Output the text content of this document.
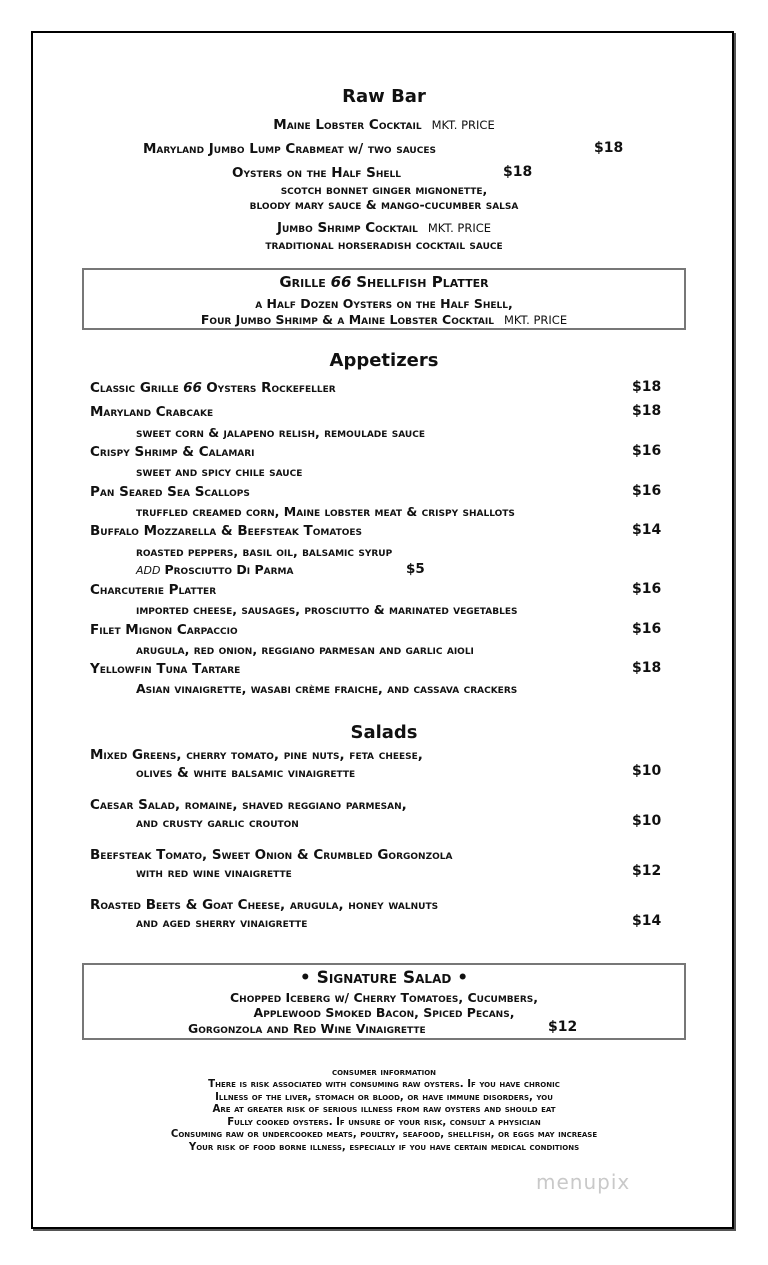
Raw Bar
Maine Lobster Cocktail MKT. PRICE
Maryland Jumbo Lump Crabmeat w/ two sauces	$18
Oysters on the Half Shell	$18
scotch bonnet ginger mignonette,
bloody mary sauce & mango-cucumber salsa
Jumbo Shrimp Cocktail MKT. PRICE
traditional horseradish cocktail sauce
Grille 66 Shellfish Platter
a Half Dozen Oysters on the Half Shell,
Four Jumbo Shrimp & a Maine Lobster Cocktail MKT. PRICE
Appetizers
Classic Grille 66 Oysters Rockefeller	$18
Maryland Crabcake	$18
sweet corn & jalapeno relish, remoulade sauce
Crispy Shrimp & Calamari	$16
sweet and spicy chile sauce
Pan Seared Sea Scallops	$16
truffled creamed corn, Maine lobster meat & crispy shallots
Buffalo Mozzarella & Beefsteak Tomatoes	$14
roasted peppers, basil oil, balsamic syrup
ADD Prosciutto Di Parma	$5
Charcuterie Platter	$16
imported cheese, sausages, prosciutto & marinated vegetables
Filet Mignon Carpaccio	$16
arugula, red onion, reggiano parmesan and garlic aioli
Yellowfin Tuna Tartare	$18
Asian vinaigrette, wasabi crème fraiche, and cassava crackers
Salads
Mixed Greens, cherry tomato, pine nuts, feta cheese,
olives & white balsamic vinaigrette	$10
Caesar Salad, romaine, shaved reggiano parmesan,
and crusty garlic crouton	$10
Beefsteak Tomato, Sweet Onion & Crumbled Gorgonzola
with red wine vinaigrette	$12
Roasted Beets & Goat Cheese, arugula, honey walnuts
and aged sherry vinaigrette	$14
• Signature Salad •
Chopped Iceberg w/ Cherry Tomatoes, Cucumbers,
Applewood Smoked Bacon, Spiced Pecans,
Gorgonzola and Red Wine Vinaigrette	$12
consumer information
There is risk associated with consuming raw oysters. If you have chronic
Illness of the liver, stomach or blood, or have immune disorders, you
Are at greater risk of serious illness from raw oysters and should eat
Fully cooked oysters. If unsure of your risk, consult a physician
Consuming raw or undercooked meats, poultry, seafood, shellfish, or eggs may increase
Your risk of food borne illness, especially if you have certain medical conditions
menupix
